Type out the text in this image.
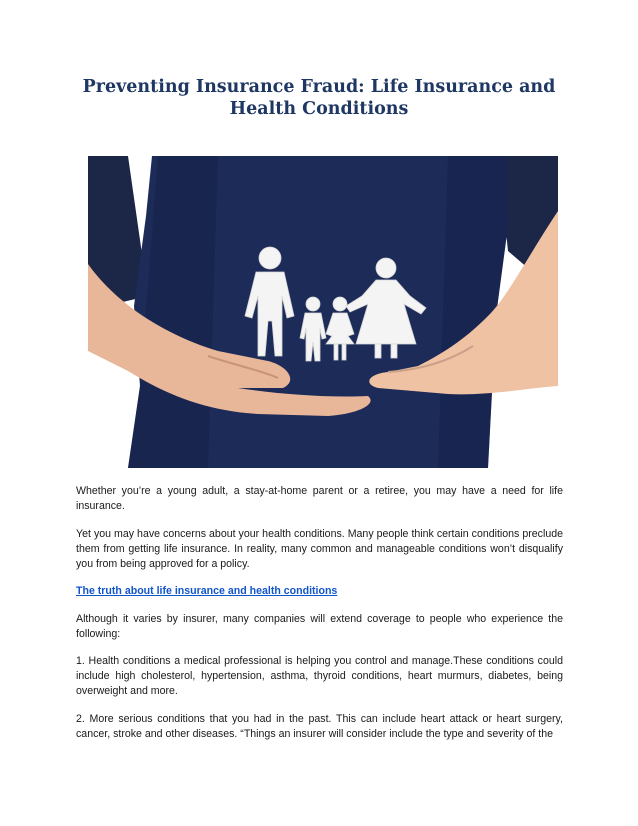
Preventing Insurance Fraud: Life Insurance and Health Conditions

Whether you’re a young adult, a stay-at-home parent or a retiree, you may have a need for life insurance.

Yet you may have concerns about your health conditions. Many people think certain conditions preclude them from getting life insurance. In reality, many common and manageable conditions won’t disqualify you from being approved for a policy.

The truth about life insurance and health conditions

Although it varies by insurer, many companies will extend coverage to people who experience the following:

1. Health conditions a medical professional is helping you control and manage.These conditions could include high cholesterol, hypertension, asthma, thyroid conditions, heart murmurs, diabetes, being overweight and more.

2. More serious conditions that you had in the past. This can include heart attack or heart surgery, cancer, stroke and other diseases. “Things an insurer will consider include the type and severity of the
